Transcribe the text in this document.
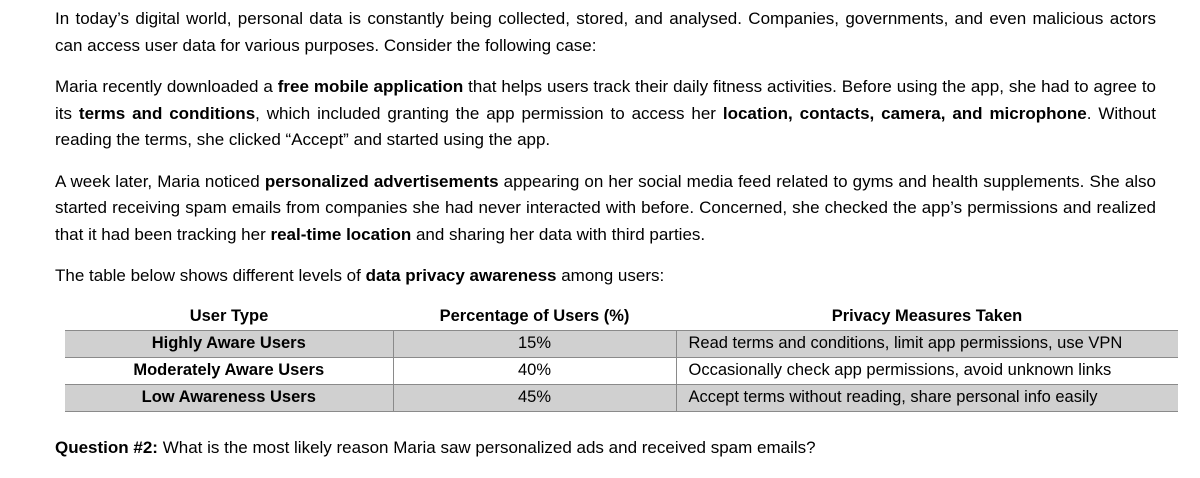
In today’s digital world, personal data is constantly being collected, stored, and analysed. Companies, governments, and even malicious actors can access user data for various purposes. Consider the following case:

Maria recently downloaded a free mobile application that helps users track their daily fitness activities. Before using the app, she had to agree to its terms and conditions, which included granting the app permission to access her location, contacts, camera, and microphone. Without reading the terms, she clicked “Accept” and started using the app.

A week later, Maria noticed personalized advertisements appearing on her social media feed related to gyms and health supplements. She also started receiving spam emails from companies she had never interacted with before. Concerned, she checked the app’s permissions and realized that it had been tracking her real-time location and sharing her data with third parties.

The table below shows different levels of data privacy awareness among users:

User Type	Percentage of Users (%)	Privacy Measures Taken
Highly Aware Users	15%	Read terms and conditions, limit app permissions, use VPN
Moderately Aware Users	40%	Occasionally check app permissions, avoid unknown links
Low Awareness Users	45%	Accept terms without reading, share personal info easily

Question #2: What is the most likely reason Maria saw personalized ads and received spam emails?
